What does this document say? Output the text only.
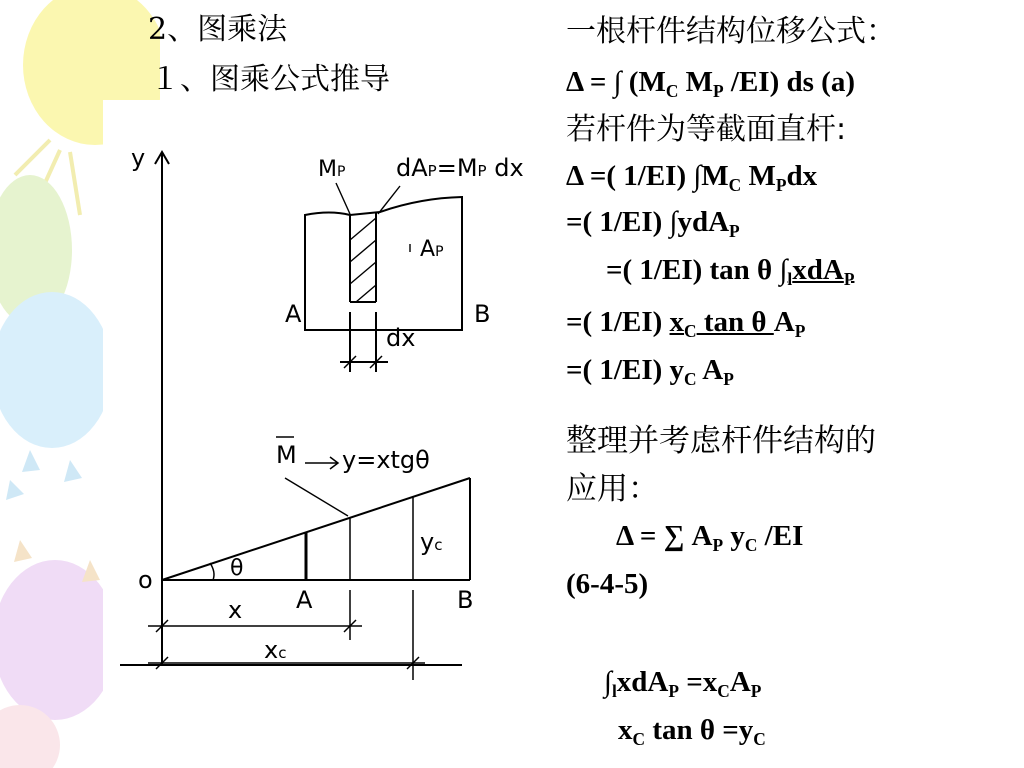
2、图乘法
１、图乘公式推导
y
o
MP dAP=MP dx
AP
A	B
dx
M y=xtgθ
θ
yc
A	B
x
xc
一根杆件结构位移公式：
Δ = ∫ ($M_C$ $M_P$ /EI) ds (a)
若杆件为等截面直杆:
Δ =( 1/EI) $\int M_C$ $M_Pdx$
=( 1/EI) ∫ydA$_P$
=( 1/EI) tan θ $\int_lxdA_P$
=( 1/EI) $x_C$ tan θ $A_P$
=( 1/EI) $y_C$ $A_P$
整理并考虑杆件结构的
应用：
Δ = ∑ $A_P$ $y_C$ /EI
(6-4-5)
$\int_lxdA_P =x_CA_P$
$x_C$ $\tan \theta =y_C$
